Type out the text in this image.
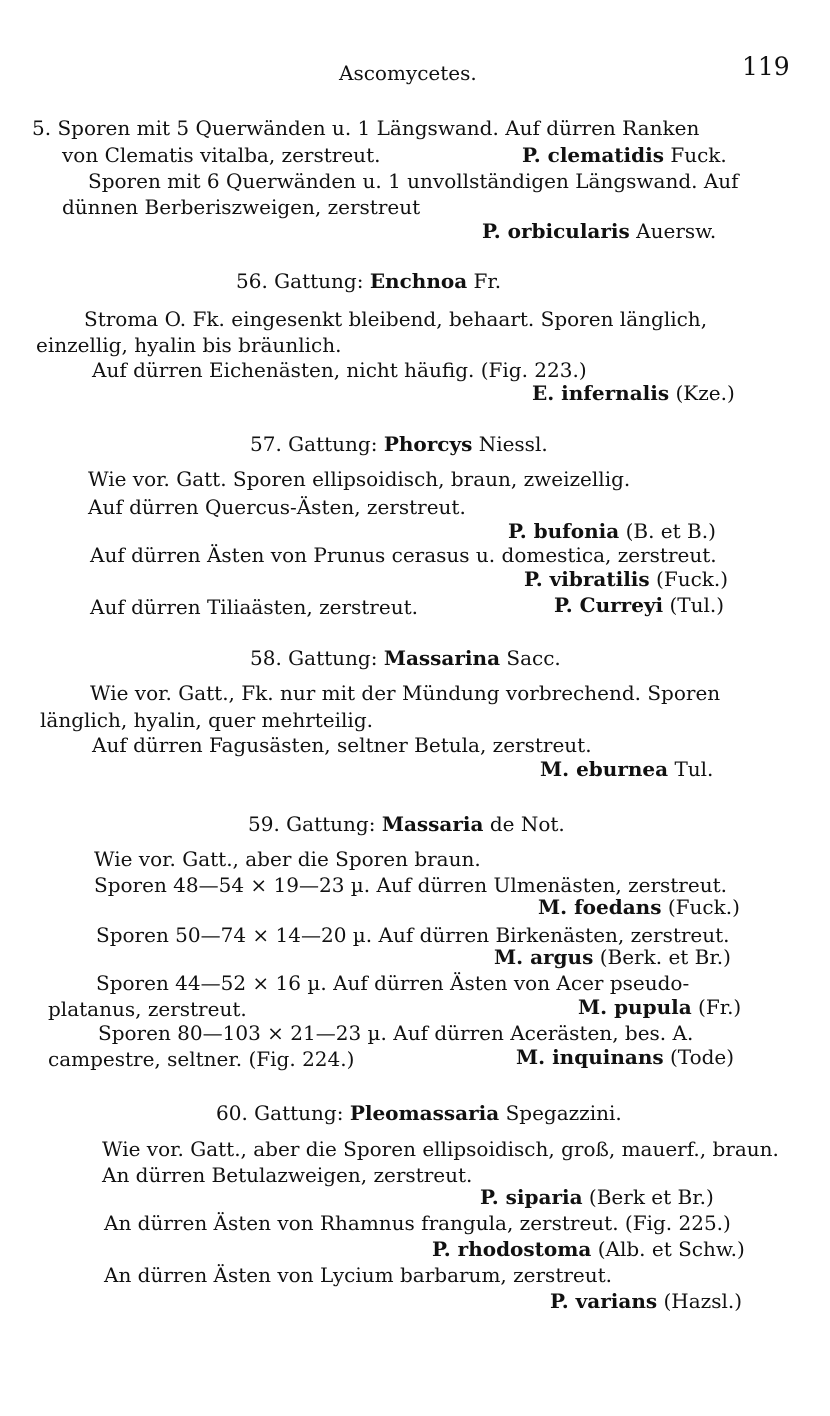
Ascomycetes.	119
5. Sporen mit 5 Querwänden u. 1 Längswand. Auf dürren Ranken
von Clematis vitalba, zerstreut.	P. clematidis Fuck.
Sporen mit 6 Querwänden u. 1 unvollständigen Längswand. Auf
dünnen Berberiszweigen, zerstreut
P. orbicularis Auersw.
56. Gattung: Enchnoa Fr.
Stroma O. Fk. eingesenkt bleibend, behaart. Sporen länglich,
einzellig, hyalin bis bräunlich.
Auf dürren Eichenästen, nicht häufig. (Fig. 223.)
E. infernalis (Kze.)
57. Gattung: Phorcys Niessl.
Wie vor. Gatt. Sporen ellipsoidisch, braun, zweizellig.
Auf dürren Quercus-Ästen, zerstreut.
P. bufonia (B. et B.)
Auf dürren Ästen von Prunus cerasus u. domestica, zerstreut.
P. vibratilis (Fuck.)
Auf dürren Tiliaästen, zerstreut.	P. Curreyi (Tul.)
58. Gattung: Massarina Sacc.
Wie vor. Gatt., Fk. nur mit der Mündung vorbrechend. Sporen
länglich, hyalin, quer mehrteilig.
Auf dürren Fagusästen, seltner Betula, zerstreut.
M. eburnea Tul.
59. Gattung: Massaria de Not.
Wie vor. Gatt., aber die Sporen braun.
Sporen 48—54 × 19—23 µ. Auf dürren Ulmenästen, zerstreut.
M. foedans (Fuck.)
Sporen 50—74 × 14—20 µ. Auf dürren Birkenästen, zerstreut.
M. argus (Berk. et Br.)
Sporen 44—52 × 16 µ. Auf dürren Ästen von Acer pseudo-
platanus, zerstreut.	M. pupula (Fr.)
Sporen 80—103 × 21—23 µ. Auf dürren Acerästen, bes. A.
campestre, seltner. (Fig. 224.)	M. inquinans (Tode)
60. Gattung: Pleomassaria Spegazzini.
Wie vor. Gatt., aber die Sporen ellipsoidisch, groß, mauerf., braun.
An dürren Betulazweigen, zerstreut.
P. siparia (Berk et Br.)
An dürren Ästen von Rhamnus frangula, zerstreut. (Fig. 225.)
P. rhodostoma (Alb. et Schw.)
An dürren Ästen von Lycium barbarum, zerstreut.
P. varians (Hazsl.)
